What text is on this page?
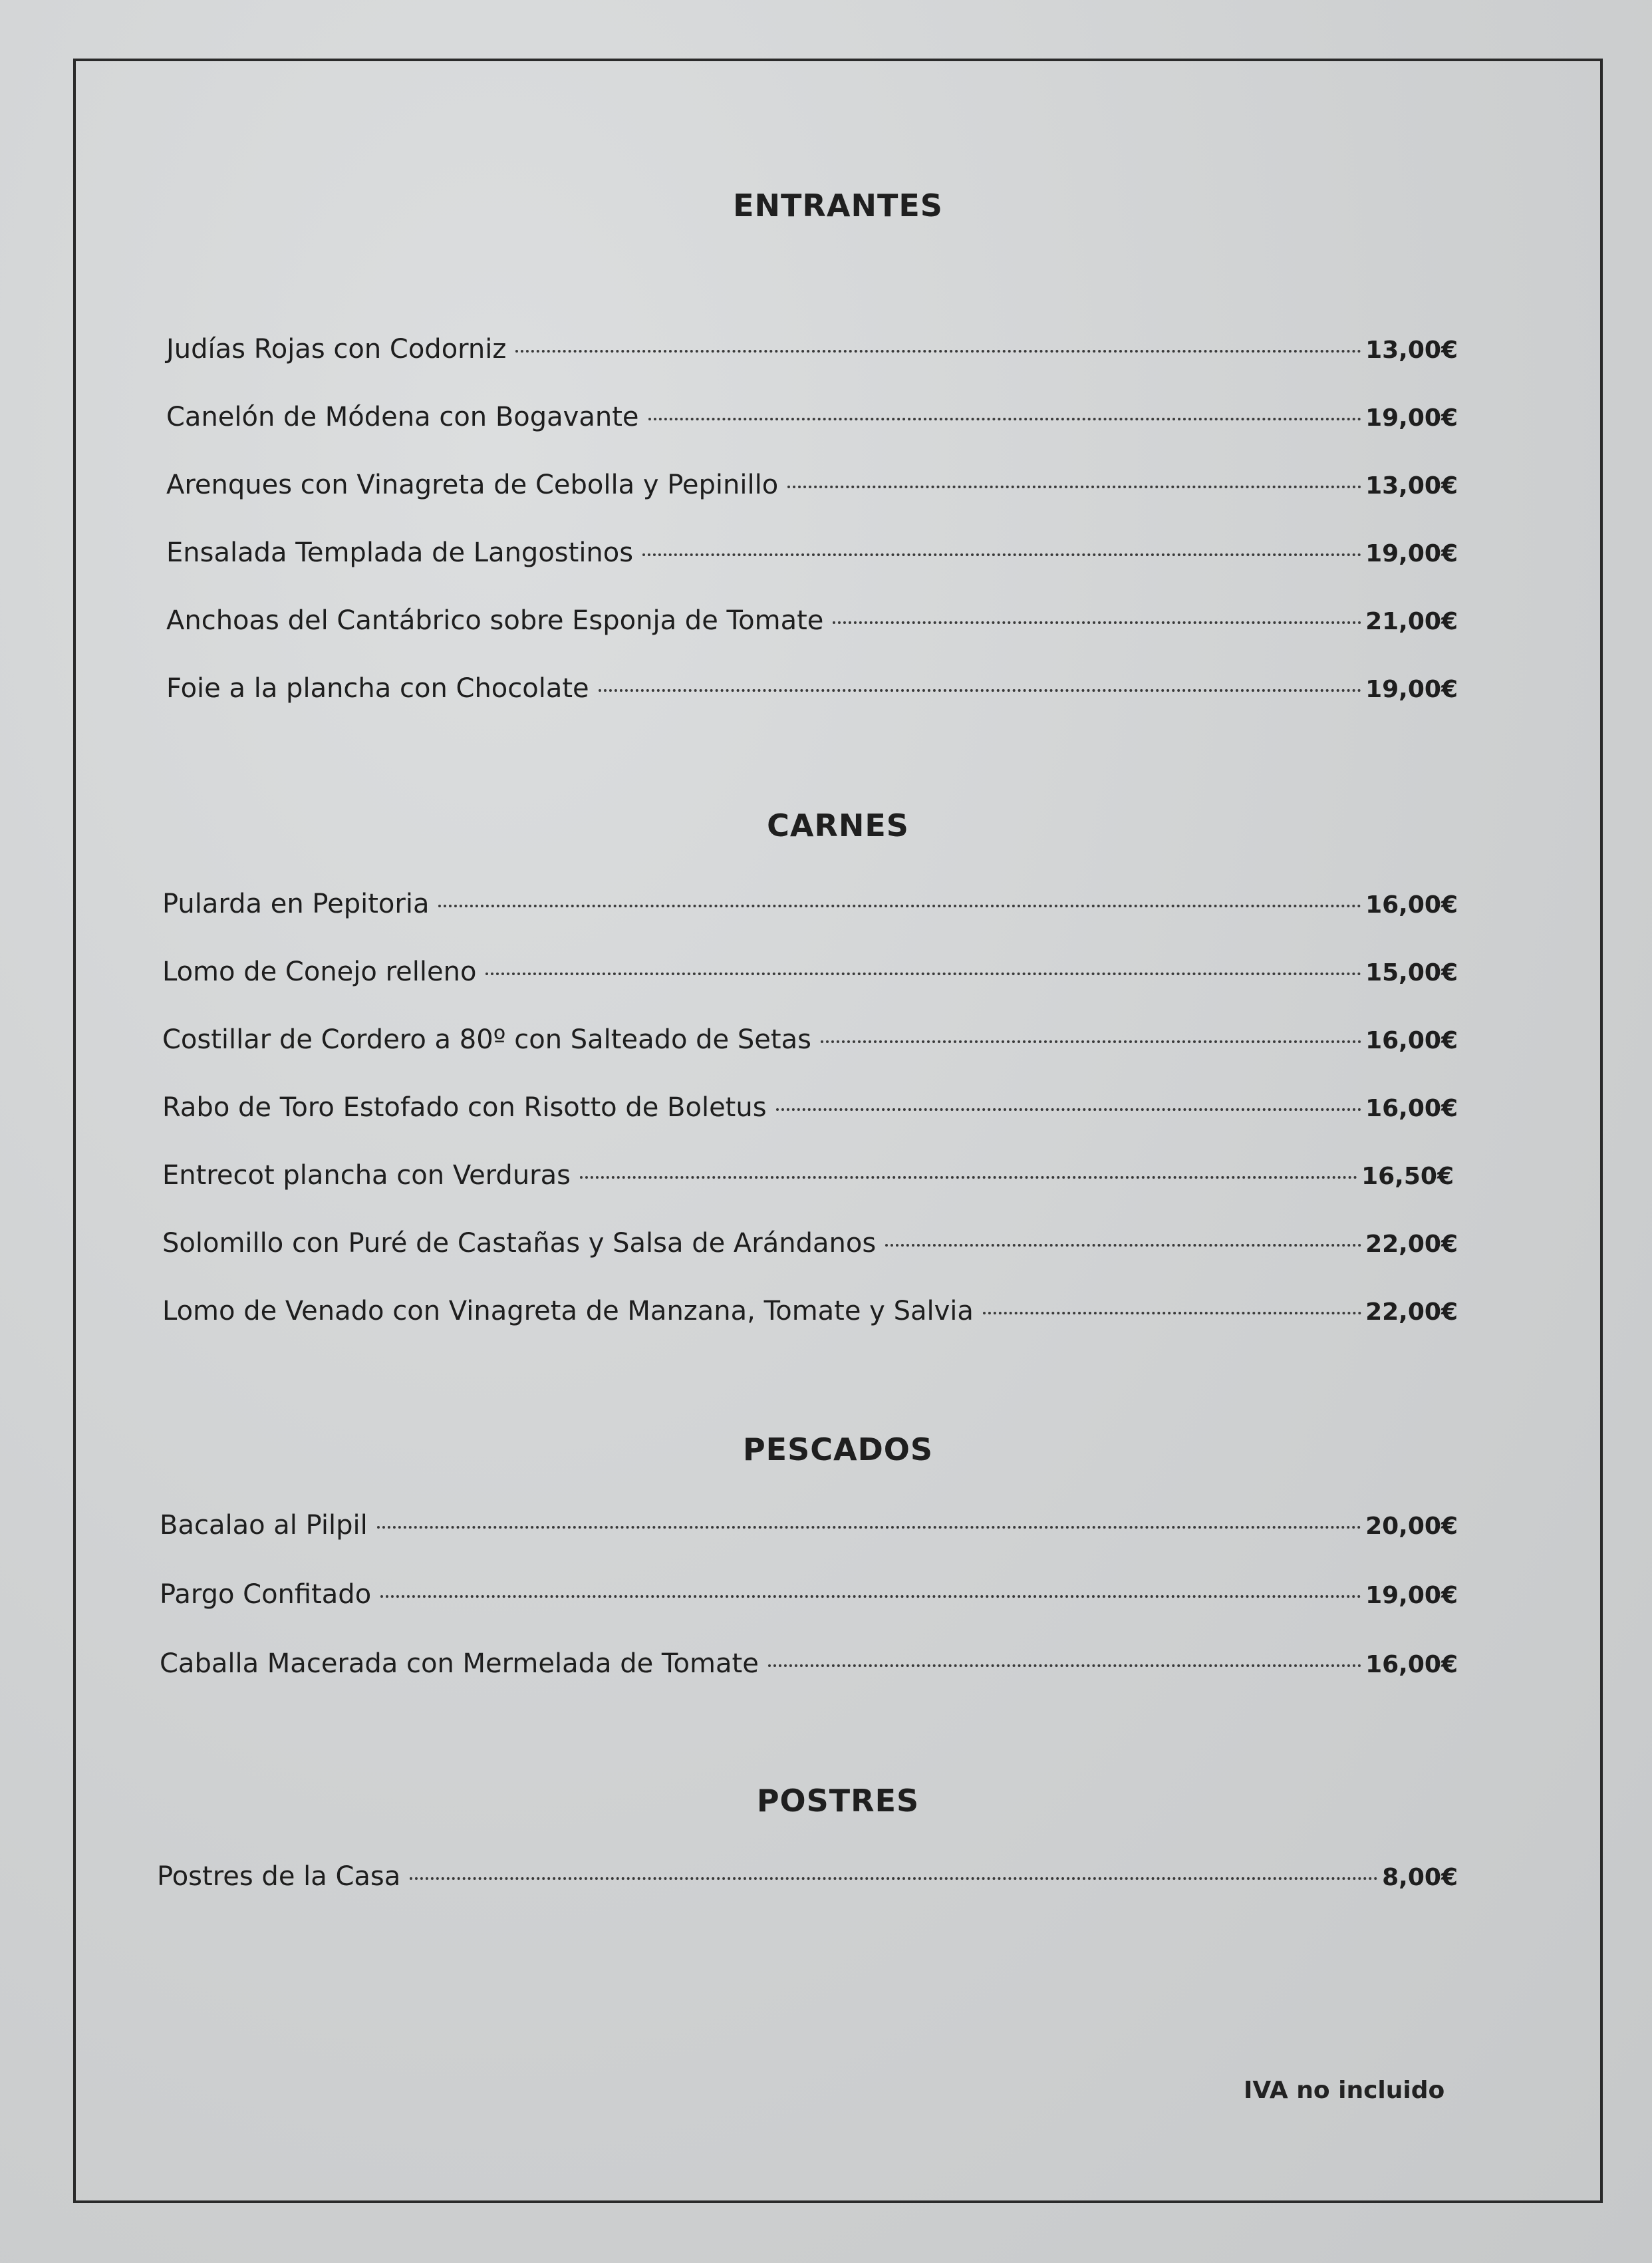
ENTRANTES
Judías Rojas con Codorniz	13,00€
Canelón de Módena con Bogavante	19,00€
Arenques con Vinagreta de Cebolla y Pepinillo	13,00€
Ensalada Templada de Langostinos	19,00€
Anchoas del Cantábrico sobre Esponja de Tomate	21,00€
Foie a la plancha con Chocolate	19,00€
CARNES
Pularda en Pepitoria	16,00€
Lomo de Conejo relleno	15,00€
Costillar de Cordero a 80º con Salteado de Setas	16,00€
Rabo de Toro Estofado con Risotto de Boletus	16,00€
Entrecot plancha con Verduras	16,50€
Solomillo con Puré de Castañas y Salsa de Arándanos	22,00€
Lomo de Venado con Vinagreta de Manzana, Tomate y Salvia	22,00€
PESCADOS
Bacalao al Pilpil	20,00€
Pargo Confitado	19,00€
Caballa Macerada con Mermelada de Tomate	16,00€
POSTRES
Postres de la Casa	8,00€
IVA no incluido
